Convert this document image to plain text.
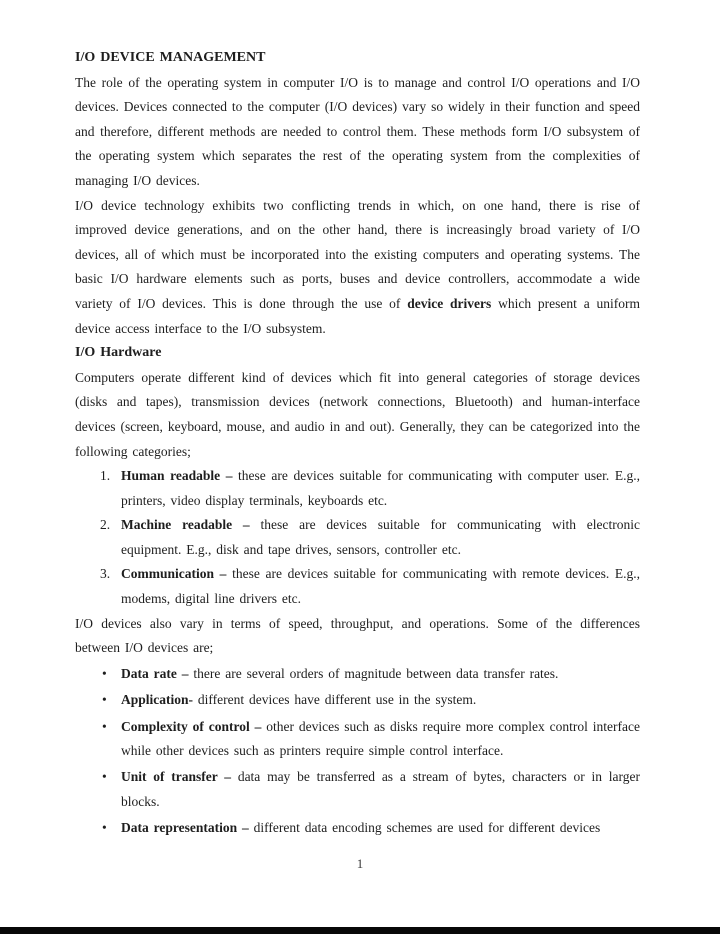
I/O DEVICE MANAGEMENT
The role of the operating system in computer I/O is to manage and control I/O operations and I/O devices. Devices connected to the computer (I/O devices) vary so widely in their function and speed and therefore, different methods are needed to control them. These methods form I/O subsystem of the operating system which separates the rest of the operating system from the complexities of managing I/O devices.
I/O device technology exhibits two conflicting trends in which, on one hand, there is rise of improved device generations, and on the other hand, there is increasingly broad variety of I/O devices, all of which must be incorporated into the existing computers and operating systems. The basic I/O hardware elements such as ports, buses and device controllers, accommodate a wide variety of I/O devices. This is done through the use of device drivers which present a uniform device access interface to the I/O subsystem.
I/O Hardware
Computers operate different kind of devices which fit into general categories of storage devices (disks and tapes), transmission devices (network connections, Bluetooth) and human-interface devices (screen, keyboard, mouse, and audio in and out). Generally, they can be categorized into the following categories;
1. Human readable – these are devices suitable for communicating with computer user. E.g., printers, video display terminals, keyboards etc.
2. Machine readable – these are devices suitable for communicating with electronic equipment. E.g., disk and tape drives, sensors, controller etc.
3. Communication – these are devices suitable for communicating with remote devices. E.g., modems, digital line drivers etc.
I/O devices also vary in terms of speed, throughput, and operations. Some of the differences between I/O devices are;
•	Data rate – there are several orders of magnitude between data transfer rates.
•	Application- different devices have different use in the system.
•	Complexity of control – other devices such as disks require more complex control interface while other devices such as printers require simple control interface.
•	Unit of transfer – data may be transferred as a stream of bytes, characters or in larger blocks.
•	Data representation – different data encoding schemes are used for different devices
1
